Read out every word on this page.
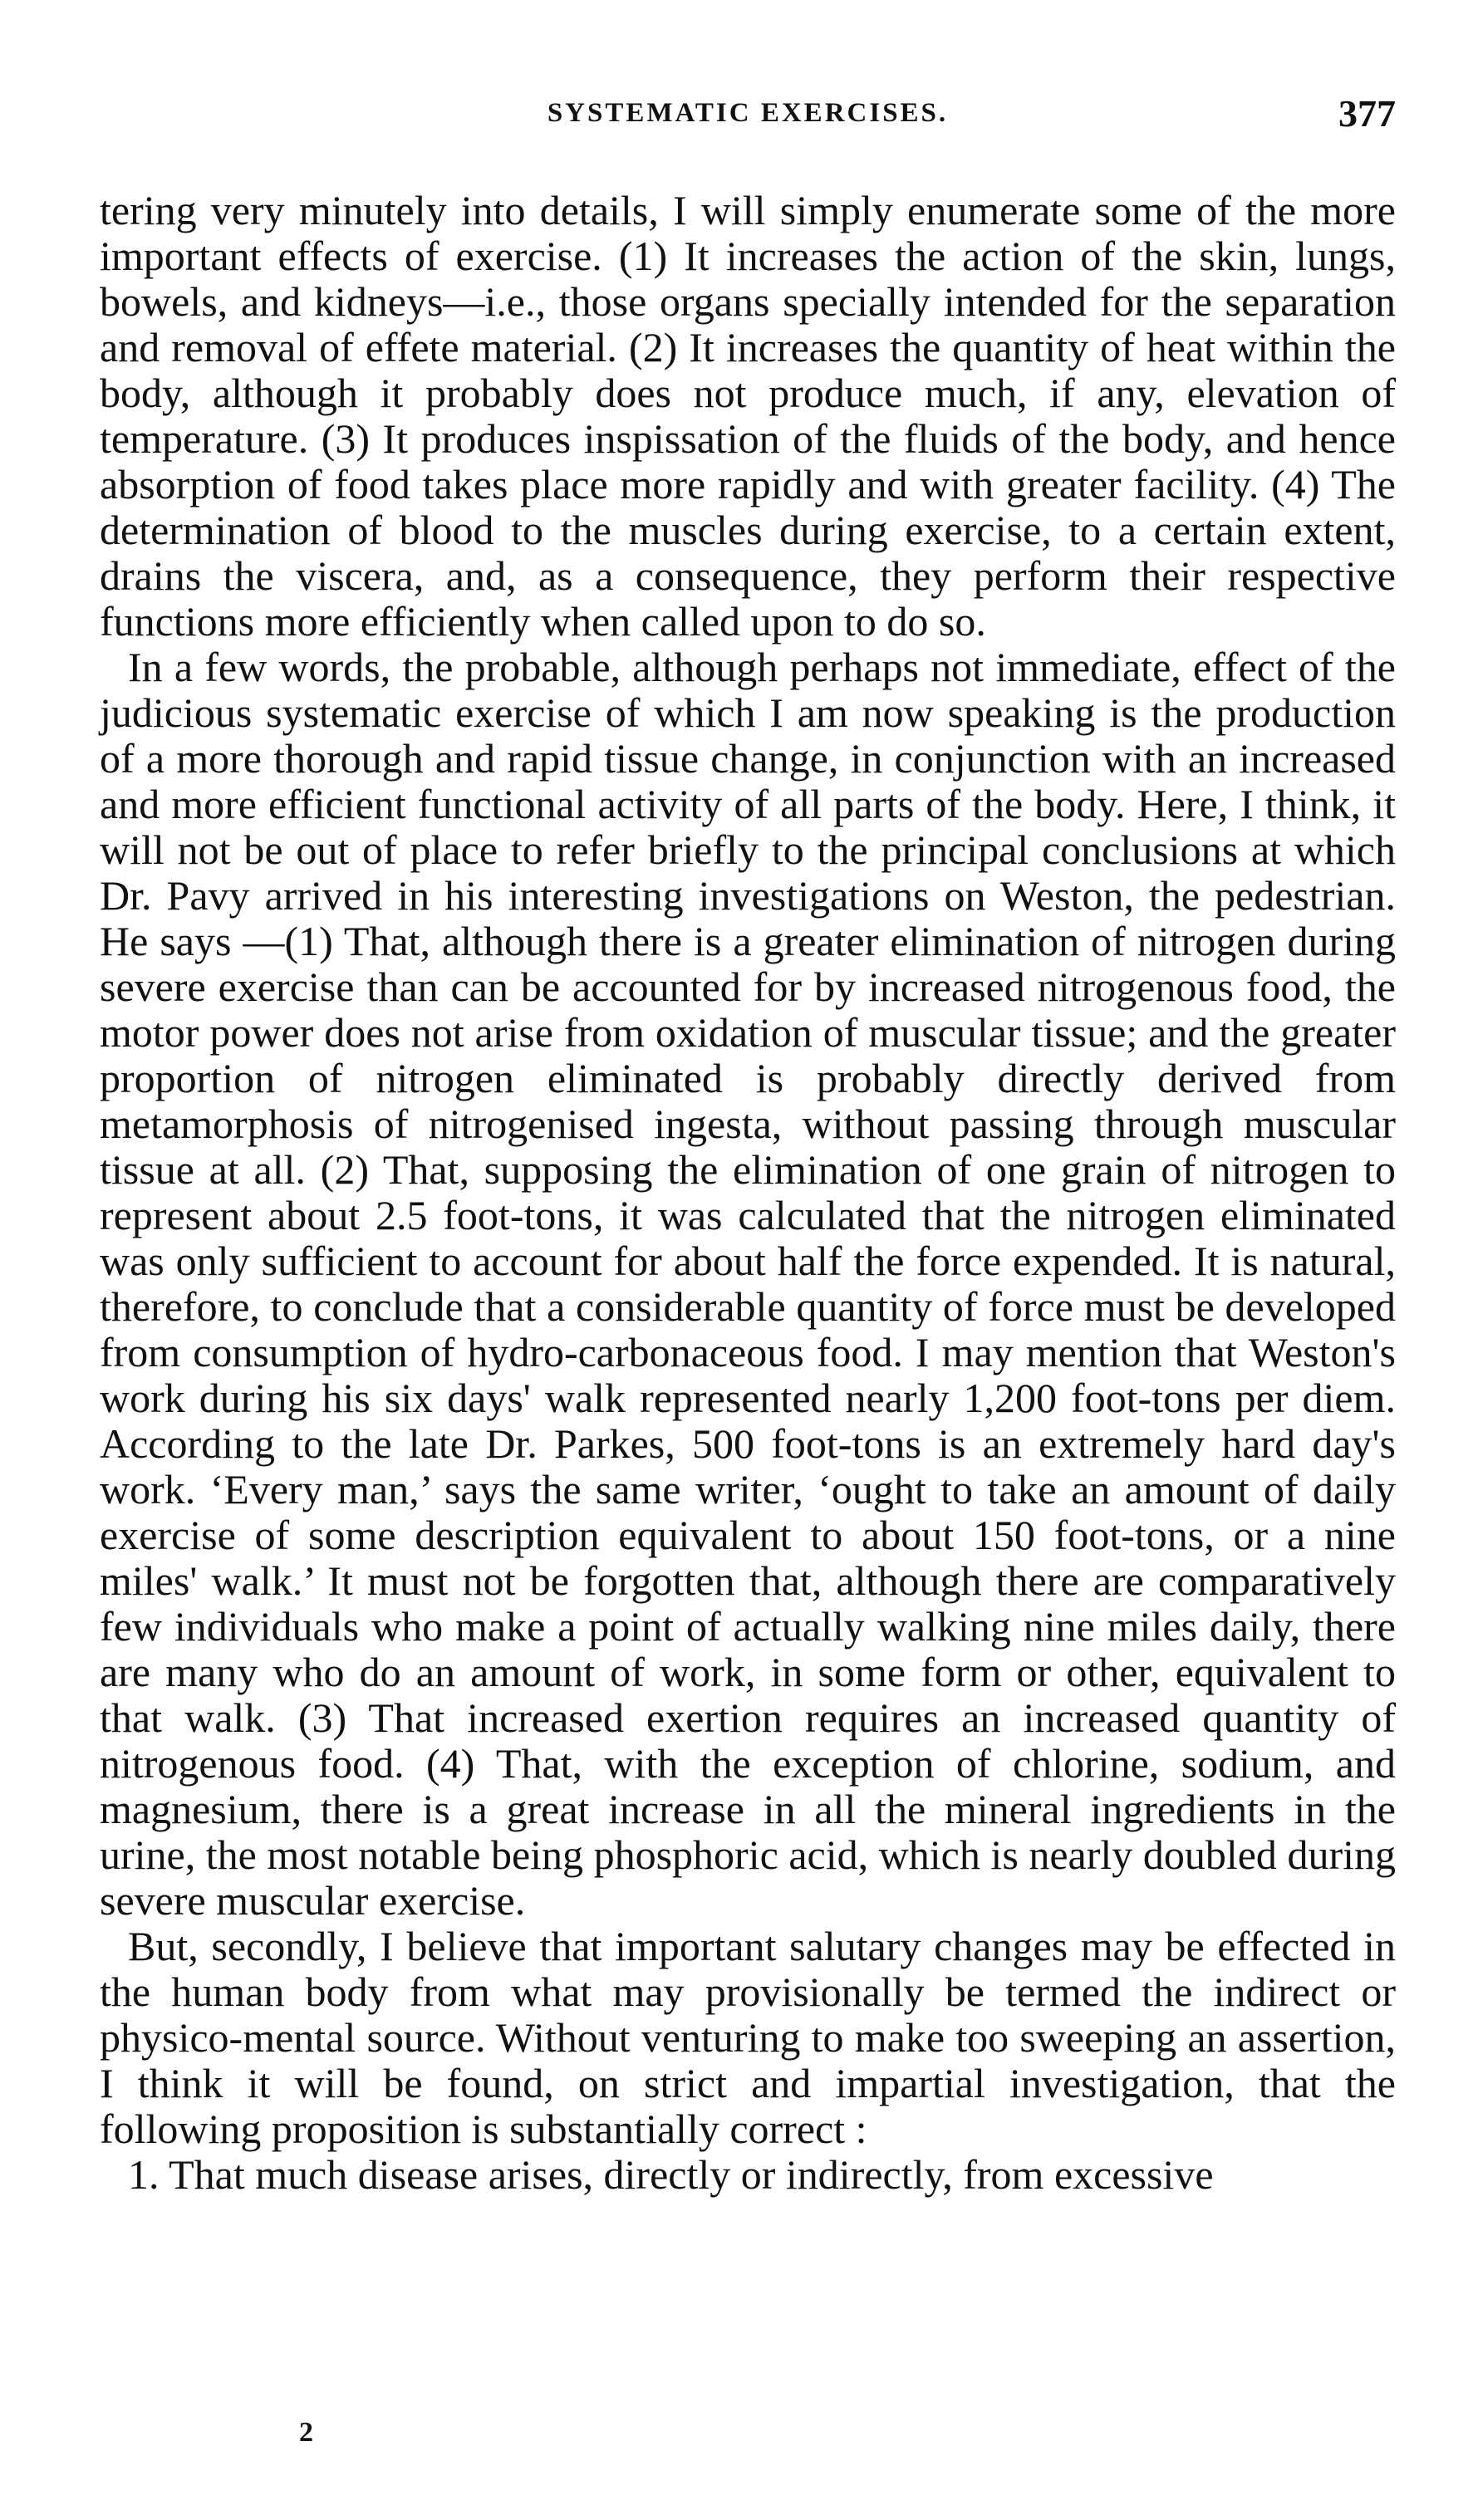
SYSTEMATIC EXERCISES.	377

tering very minutely into details, I will simply enumerate some of the more important effects of exercise. (1) It increases the action of the skin, lungs, bowels, and kidneys—i.e., those organs specially intended for the separation and removal of effete material. (2) It increases the quantity of heat within the body, although it probably does not produce much, if any, elevation of temperature. (3) It produces inspissation of the fluids of the body, and hence absorption of food takes place more rapidly and with greater facility. (4) The determination of blood to the muscles during exercise, to a certain extent, drains the viscera, and, as a consequence, they perform their respective functions more efficiently when called upon to do so.

In a few words, the probable, although perhaps not immediate, effect of the judicious systematic exercise of which I am now speaking is the production of a more thorough and rapid tissue change, in conjunction with an increased and more efficient functional activity of all parts of the body. Here, I think, it will not be out of place to refer briefly to the principal conclusions at which Dr. Pavy arrived in his interesting investigations on Weston, the pedestrian. He says —(1) That, although there is a greater elimination of nitrogen during severe exercise than can be accounted for by increased nitrogenous food, the motor power does not arise from oxidation of muscular tissue; and the greater proportion of nitrogen eliminated is probably directly derived from metamorphosis of nitrogenised ingesta, without passing through muscular tissue at all. (2) That, supposing the elimination of one grain of nitrogen to represent about 2.5 foot-tons, it was calculated that the nitrogen eliminated was only sufficient to account for about half the force expended. It is natural, therefore, to conclude that a considerable quantity of force must be developed from consumption of hydro-carbonaceous food. I may mention that Weston's work during his six days' walk represented nearly 1,200 foot-tons per diem. According to the late Dr. Parkes, 500 foot-tons is an extremely hard day's work. ‘Every man,’ says the same writer, ‘ought to take an amount of daily exercise of some description equivalent to about 150 foot-tons, or a nine miles' walk.’ It must not be forgotten that, although there are comparatively few individuals who make a point of actually walking nine miles daily, there are many who do an amount of work, in some form or other, equivalent to that walk. (3) That increased exertion requires an increased quantity of nitrogenous food. (4) That, with the exception of chlorine, sodium, and magnesium, there is a great increase in all the mineral ingredients in the urine, the most notable being phosphoric acid, which is nearly doubled during severe muscular exercise.

But, secondly, I believe that important salutary changes may be effected in the human body from what may provisionally be termed the indirect or physico-mental source. Without venturing to make too sweeping an assertion, I think it will be found, on strict and impartial investigation, that the following proposition is substantially correct :

1. That much disease arises, directly or indirectly, from excessive

2
